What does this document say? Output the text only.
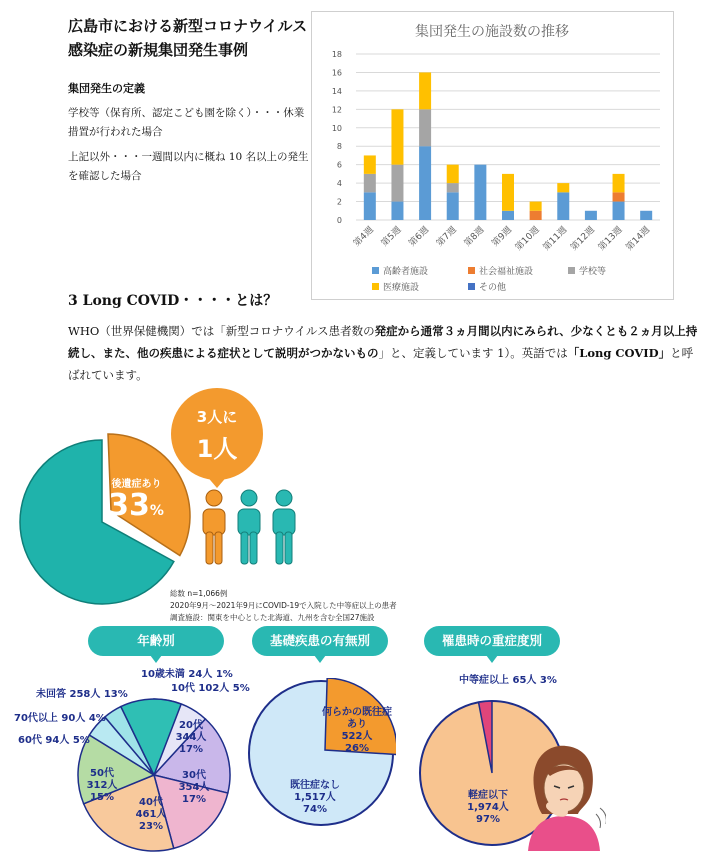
広島市における新型コロナウイルス
感染症の新規集団発生事例
集団発生の定義
学校等（保育所、認定こども園を除く）・・・休業措置が行われた場合
上記以外・・・一週間以内に概ね 10 名以上の発生を確認した場合
集団発生の施設数の推移
0
2
4
6
8
10
12
14
16
18
第4週 第5週 第6週 第7週 第8週 第9週 第10週 第11週 第12週 第13週 第14週
高齢者施設	社会福祉施設	学校等
医療施設	その他
3 Long COVID・・・・とは？
WHO（世界保健機関）では「新型コロナウイルス患者数の発症から通常３ヵ月間以内にみられ、少なくとも２ヵ月以上持続し、また、他の疾患による症状として説明がつかないもの」と、定義しています 1）。英語では「Long COVID」と呼ばれています。
後遺症あり
33%
3人に
1人
総数 n=1,066例
2020年9月〜2021年9月にCOVID-19で入院した中等症以上の患者
調査施設：関東を中心とした北海道、九州を含む全国27施設
年齢別	基礎疾患の有無別	罹患時の重症度別
10歳未満 24人 1%
10代 102人 5%
20代
344人
17%
30代
354人
17%
40代
461人
23%
50代
312人
15%
60代 94人 5%
70代以上 90人 4%
未回答 258人 13%
何らかの既往症あり
522人
26%
既往症なし
1,517人
74%
中等症以上 65人 3%
軽症以下
1,974人
97%
